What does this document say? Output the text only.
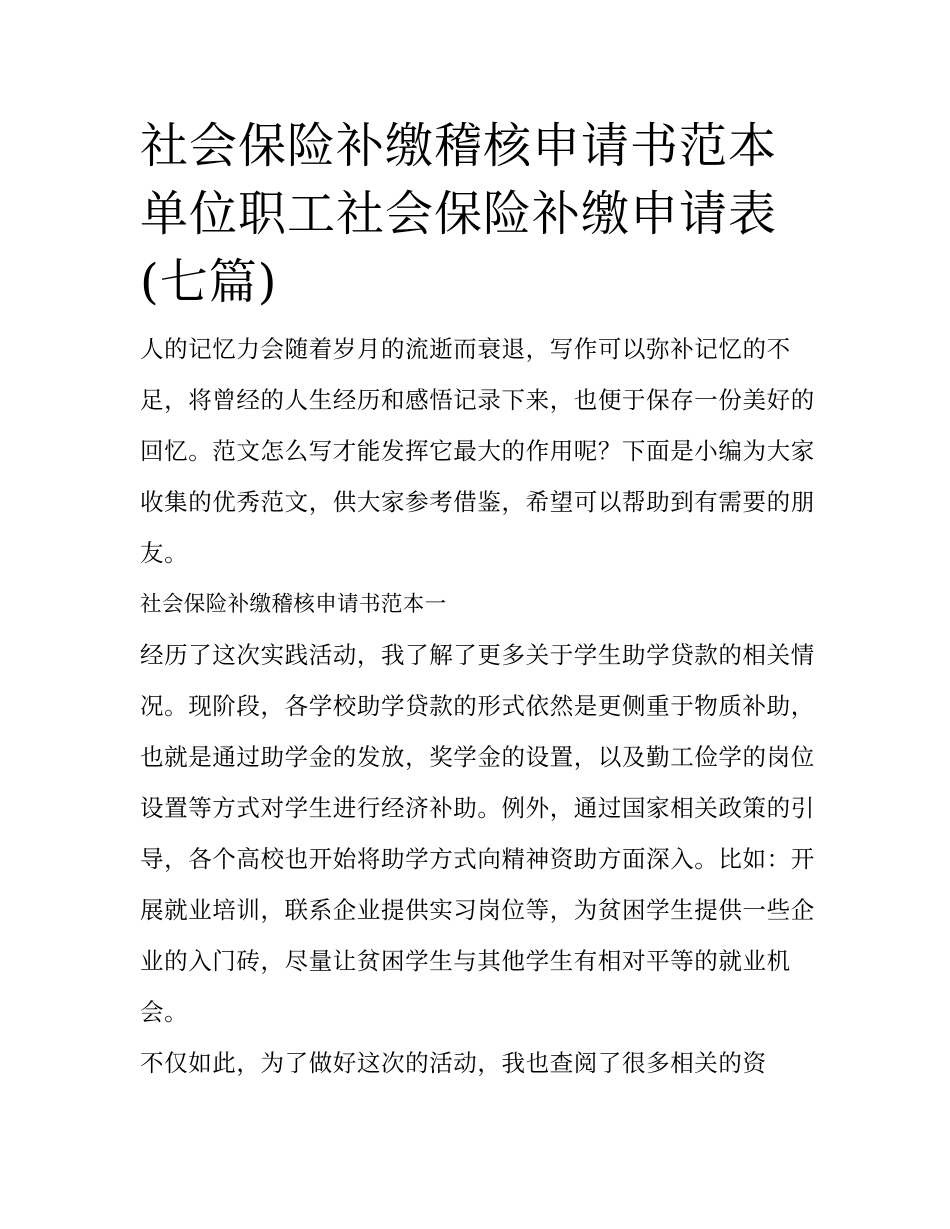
社会保险补缴稽核申请书范本单位职工社会保险补缴申请表(七篇)

人的记忆力会随着岁月的流逝而衰退，写作可以弥补记忆的不足，将曾经的人生经历和感悟记录下来，也便于保存一份美好的回忆。范文怎么写才能发挥它最大的作用呢？下面是小编为大家收集的优秀范文，供大家参考借鉴，希望可以帮助到有需要的朋友。

社会保险补缴稽核申请书范本一

经历了这次实践活动，我了解了更多关于学生助学贷款的相关情况。现阶段，各学校助学贷款的形式依然是更侧重于物质补助，也就是通过助学金的发放，奖学金的设置，以及勤工俭学的岗位设置等方式对学生进行经济补助。例外，通过国家相关政策的引导，各个高校也开始将助学方式向精神资助方面深入。比如：开展就业培训，联系企业提供实习岗位等，为贫困学生提供一些企业的入门砖，尽量让贫困学生与其他学生有相对平等的就业机会。

不仅如此，为了做好这次的活动，我也查阅了很多相关的资
